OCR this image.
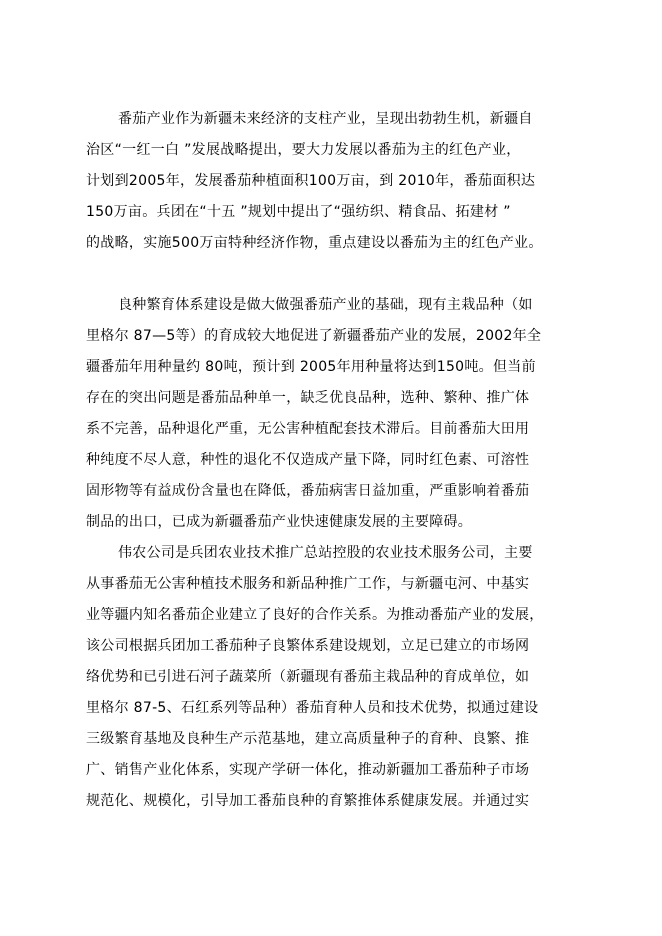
番茄产业作为新疆未来经济的支柱产业，呈现出勃勃生机，新疆自
治区“一红一白 ”发展战略提出，要大力发展以番茄为主的红色产业，
计划到2005年，发展番茄种植面积100万亩，到 2010年，番茄面积达
150万亩。兵团在“十五 ”规划中提出了“强纺织、精食品、拓建材 ”
的战略，实施500万亩特种经济作物，重点建设以番茄为主的红色产业。
良种繁育体系建设是做大做强番茄产业的基础，现有主栽品种（如
里格尔 87—5等）的育成较大地促进了新疆番茄产业的发展，2002年全
疆番茄年用种量约 80吨，预计到 2005年用种量将达到150吨。但当前
存在的突出问题是番茄品种单一，缺乏优良品种，选种、繁种、推广体
系不完善，品种退化严重，无公害种植配套技术滞后。目前番茄大田用
种纯度不尽人意，种性的退化不仅造成产量下降，同时红色素、可溶性
固形物等有益成份含量也在降低，番茄病害日益加重，严重影响着番茄
制品的出口，已成为新疆番茄产业快速健康发展的主要障碍。
伟农公司是兵团农业技术推广总站控股的农业技术服务公司，主要
从事番茄无公害种植技术服务和新品种推广工作，与新疆屯河、中基实
业等疆内知名番茄企业建立了良好的合作关系。为推动番茄产业的发展，
该公司根据兵团加工番茄种子良繁体系建设规划，立足已建立的市场网
络优势和已引进石河子蔬菜所（新疆现有番茄主栽品种的育成单位，如
里格尔 87-5、石红系列等品种）番茄育种人员和技术优势，拟通过建设
三级繁育基地及良种生产示范基地，建立高质量种子的育种、良繁、推
广、销售产业化体系，实现产学研一体化，推动新疆加工番茄种子市场
规范化、规模化，引导加工番茄良种的育繁推体系健康发展。并通过实
